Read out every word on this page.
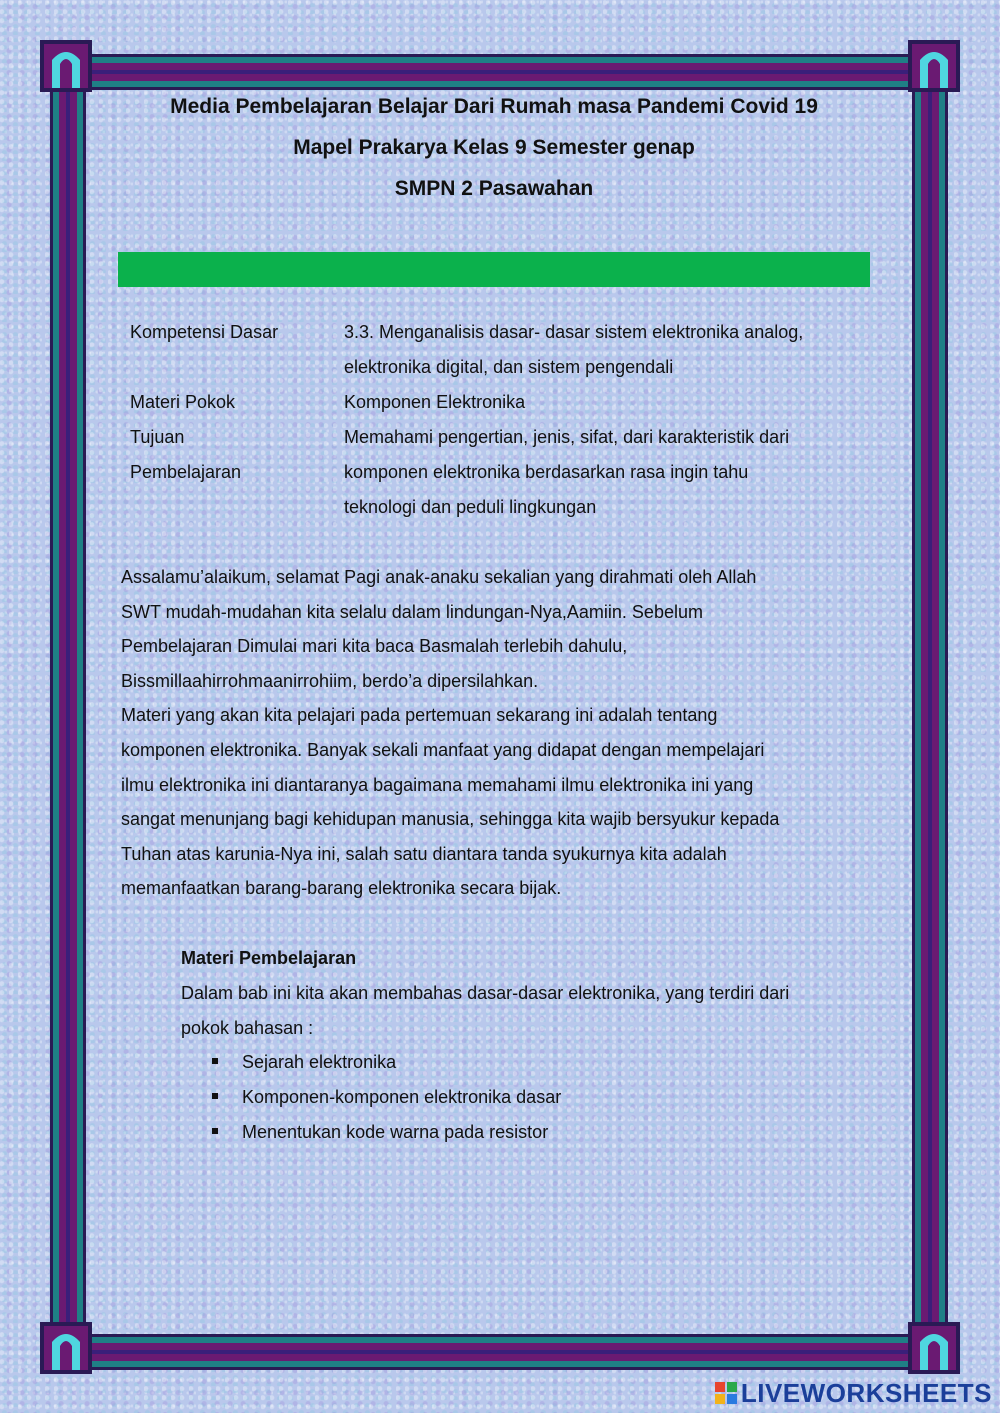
Media Pembelajaran Belajar Dari Rumah masa Pandemi Covid 19
Mapel Prakarya Kelas 9 Semester genap
SMPN 2 Pasawahan
Kompetensi Dasar	3.3. Menganalisis dasar- dasar sistem elektronika analog,
elektronika digital, dan sistem pengendali
Materi Pokok	Komponen Elektronika
Tujuan
Pembelajaran
Memahami pengertian, jenis, sifat, dari karakteristik dari
komponen elektronika berdasarkan rasa ingin tahu
teknologi dan peduli lingkungan
Assalamu’alaikum, selamat Pagi anak-anaku sekalian yang dirahmati oleh Allah
SWT mudah-mudahan kita selalu dalam lindungan-Nya,Aamiin. Sebelum
Pembelajaran Dimulai mari kita baca Basmalah terlebih dahulu,
Bissmillaahirrohmaanirrohiim, berdo’a dipersilahkan.
Materi yang akan kita pelajari pada pertemuan sekarang ini adalah tentang
komponen elektronika. Banyak sekali manfaat yang didapat dengan mempelajari
ilmu elektronika ini diantaranya bagaimana memahami ilmu elektronika ini yang
sangat menunjang bagi kehidupan manusia, sehingga kita wajib bersyukur kepada
Tuhan atas karunia-Nya ini, salah satu diantara tanda syukurnya kita adalah
memanfaatkan barang-barang elektronika secara bijak.
Materi Pembelajaran
Dalam bab ini kita akan membahas dasar-dasar elektronika, yang terdiri dari
pokok bahasan :
Sejarah elektronika
Komponen-komponen elektronika dasar
Menentukan kode warna pada resistor
LIVEWORKSHEETS
